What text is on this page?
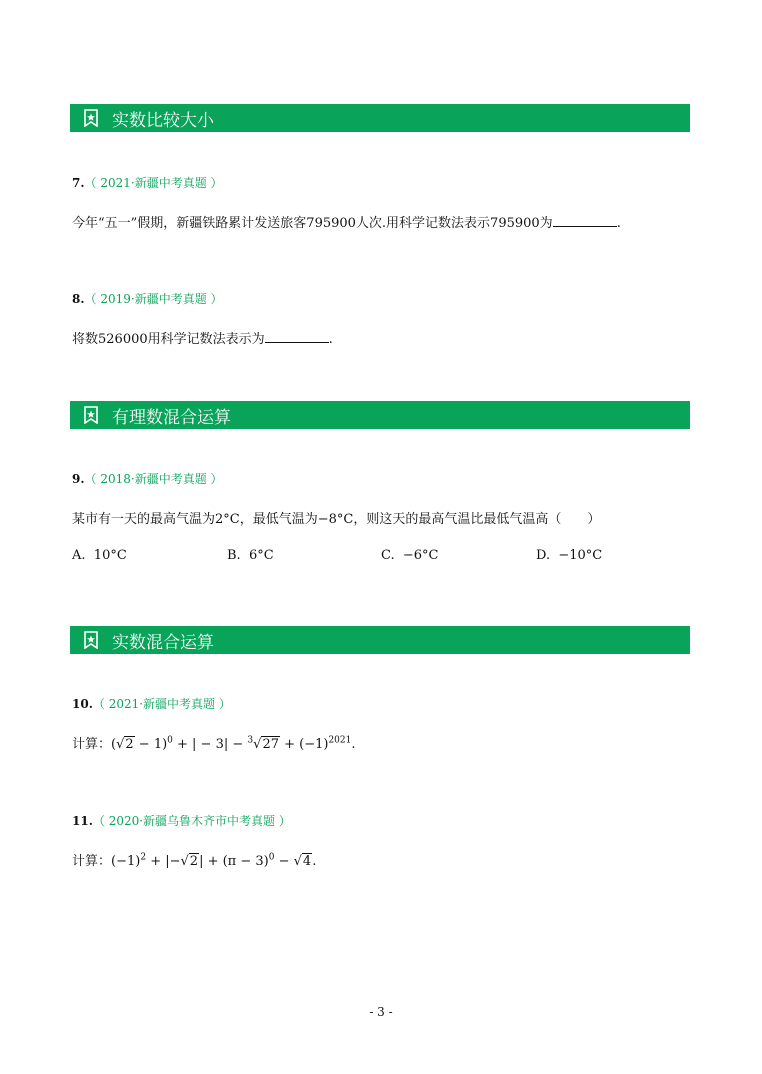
实数比较大小
7.（ 2021·新疆中考真题 ）
今年“五一”假期，新疆铁路累计发送旅客795900人次.用科学记数法表示795900为	.
8.（ 2019·新疆中考真题 ）
将数526000用科学记数法表示为	.
有理数混合运算
9.（ 2018·新疆中考真题 ）
某市有一天的最高气温为2°C，最低气温为−8°C，则这天的最高气温比最低气温高（　　）
A. 10°C	B. 6°C	C. −6°C	D. −10°C
实数混合运算
10.（ 2021·新疆中考真题 ）
计算：$(√2 - 1)^0$ + | − $3| - ^3√27 + (-1)^{2021}$.
11.（ 2020·新疆乌鲁木齐市中考真题 ）
计算：$(-1)^2 + |-√2| + (\pi - 3)^0 - √4$.
- 3 -
